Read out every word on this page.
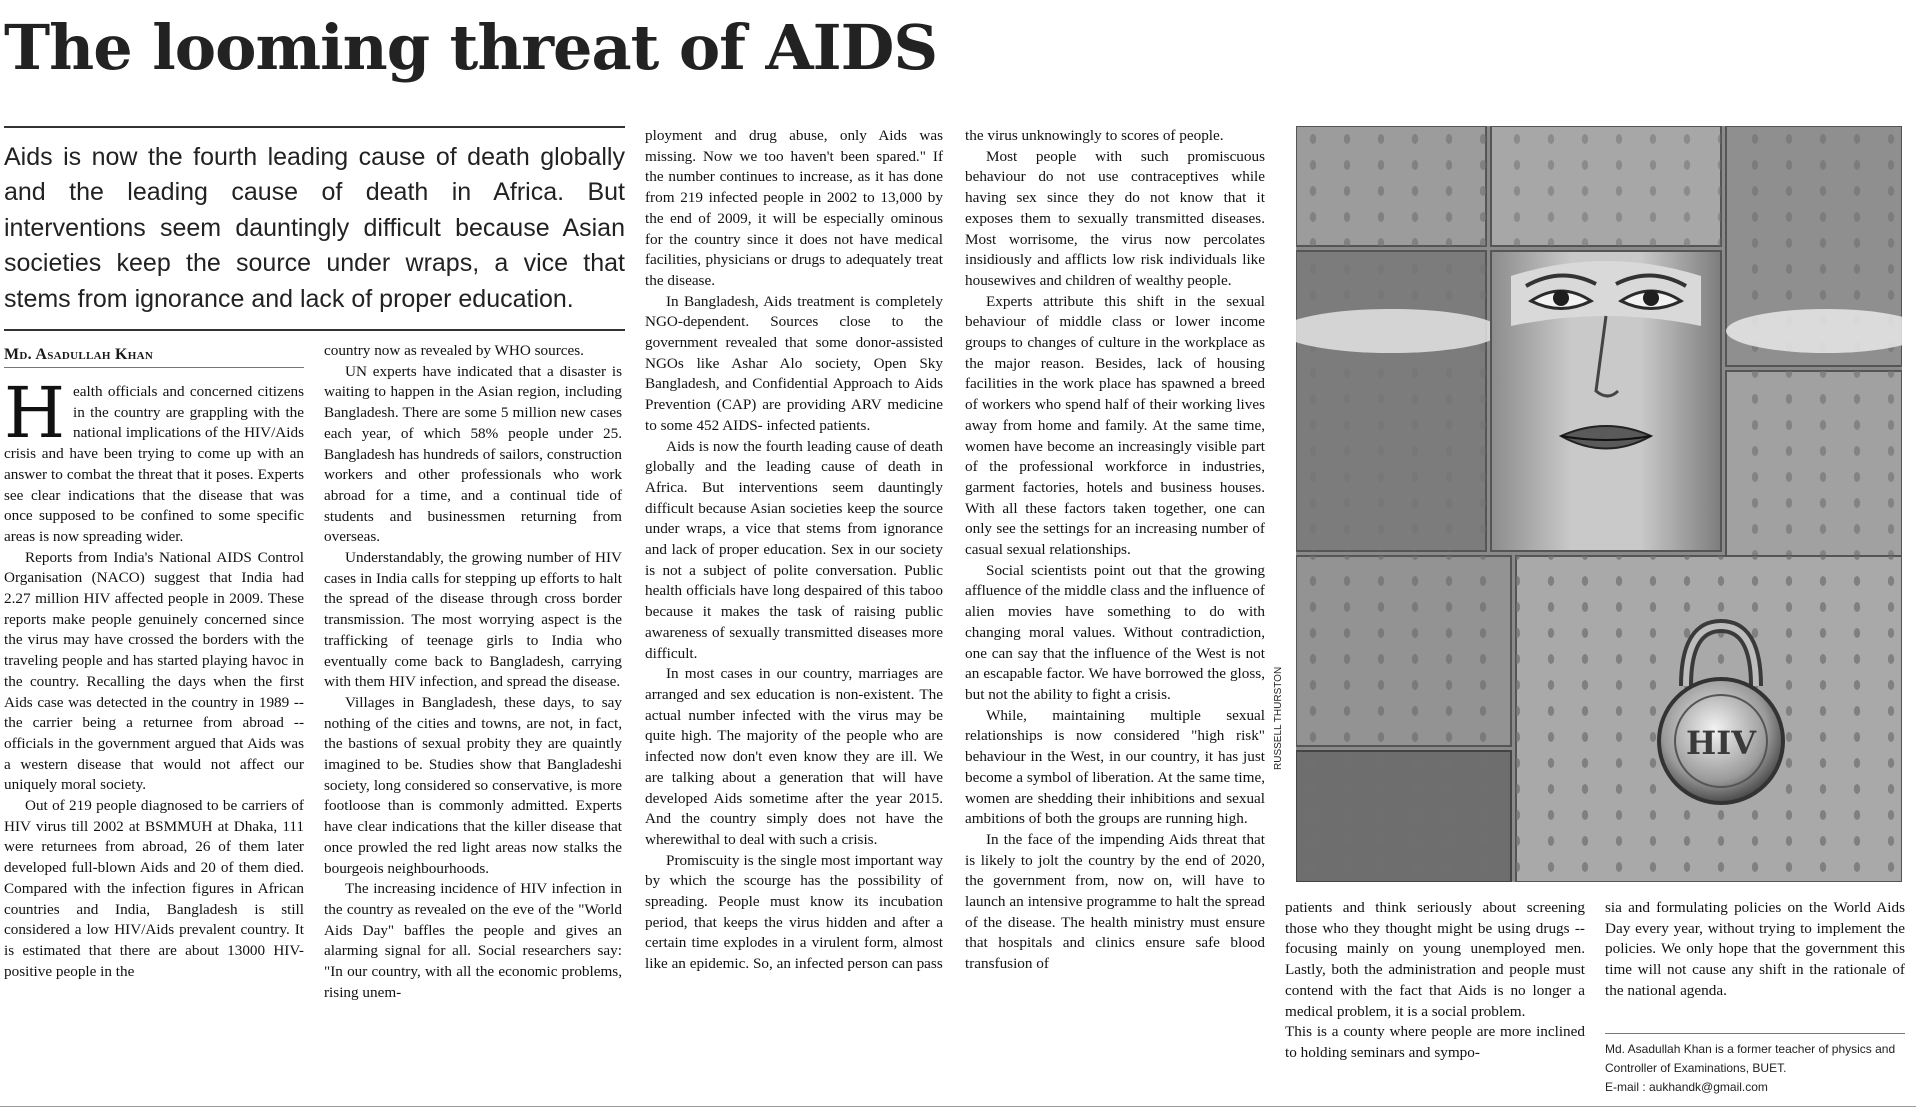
The looming threat of AIDS

Aids is now the fourth leading cause of death globally and the leading cause of death in Africa. But interventions seem dauntingly difficult because Asian societies keep the source under wraps, a vice that stems from ignorance and lack of proper education.

Md. Asadullah Khan

Health officials and concerned citizens in the country are grappling with the national implications of the HIV/Aids crisis and have been trying to come up with an answer to combat the threat that it poses. Experts see clear indications that the disease that was once supposed to be confined to some specific areas is now spreading wider.

Reports from India's National AIDS Control Organisation (NACO) suggest that India had 2.27 million HIV affected people in 2009. These reports make people genuinely concerned since the virus may have crossed the borders with the traveling people and has started playing havoc in the country. Recalling the days when the first Aids case was detected in the country in 1989 -- the carrier being a returnee from abroad -- officials in the government argued that Aids was a western disease that would not affect our uniquely moral society.

Out of 219 people diagnosed to be carriers of HIV virus till 2002 at BSMMUH at Dhaka, 111 were returnees from abroad, 26 of them later developed full-blown Aids and 20 of them died. Compared with the infection figures in African countries and India, Bangladesh is still considered a low HIV/Aids prevalent country. It is estimated that there are about 13000 HIV-positive people in the

country now as revealed by WHO sources.

UN experts have indicated that a disaster is waiting to happen in the Asian region, including Bangladesh. There are some 5 million new cases each year, of which 58% people under 25. Bangladesh has hundreds of sailors, construction workers and other professionals who work abroad for a time, and a continual tide of students and businessmen returning from overseas.

Understandably, the growing number of HIV cases in India calls for stepping up efforts to halt the spread of the disease through cross border transmission. The most worrying aspect is the trafficking of teenage girls to India who eventually come back to Bangladesh, carrying with them HIV infection, and spread the disease.

Villages in Bangladesh, these days, to say nothing of the cities and towns, are not, in fact, the bastions of sexual probity they are quaintly imagined to be. Studies show that Bangladeshi society, long considered so conservative, is more footloose than is commonly admitted. Experts have clear indications that the killer disease that once prowled the red light areas now stalks the bourgeois neighbourhoods.

The increasing incidence of HIV infection in the country as revealed on the eve of the "World Aids Day" baffles the people and gives an alarming signal for all. Social researchers say: "In our country, with all the economic problems, rising unem-

ployment and drug abuse, only Aids was missing. Now we too haven't been spared." If the number continues to increase, as it has done from 219 infected people in 2002 to 13,000 by the end of 2009, it will be especially ominous for the country since it does not have medical facilities, physicians or drugs to adequately treat the disease.

In Bangladesh, Aids treatment is completely NGO-dependent. Sources close to the government revealed that some donor-assisted NGOs like Ashar Alo society, Open Sky Bangladesh, and Confidential Approach to Aids Prevention (CAP) are providing ARV medicine to some 452 AIDS- infected patients.

Aids is now the fourth leading cause of death globally and the leading cause of death in Africa. But interventions seem dauntingly difficult because Asian societies keep the source under wraps, a vice that stems from ignorance and lack of proper education. Sex in our society is not a subject of polite conversation. Public health officials have long despaired of this taboo because it makes the task of raising public awareness of sexually transmitted diseases more difficult.

In most cases in our country, marriages are arranged and sex education is non-existent. The actual number infected with the virus may be quite high. The majority of the people who are infected now don't even know they are ill. We are talking about a generation that will have developed Aids sometime after the year 2015. And the country simply does not have the wherewithal to deal with such a crisis.

Promiscuity is the single most important way by which the scourge has the possibility of spreading. People must know its incubation period, that keeps the virus hidden and after a certain time explodes in a virulent form, almost like an epidemic. So, an infected person can pass

the virus unknowingly to scores of people.

Most people with such promiscuous behaviour do not use contraceptives while having sex since they do not know that it exposes them to sexually transmitted diseases. Most worrisome, the virus now percolates insidiously and afflicts low risk individuals like housewives and children of wealthy people.

Experts attribute this shift in the sexual behaviour of middle class or lower income groups to changes of culture in the workplace as the major reason. Besides, lack of housing facilities in the work place has spawned a breed of workers who spend half of their working lives away from home and family. At the same time, women have become an increasingly visible part of the professional workforce in industries, garment factories, hotels and business houses. With all these factors taken together, one can only see the settings for an increasing number of casual sexual relationships.

Social scientists point out that the growing affluence of the middle class and the influence of alien movies have something to do with changing moral values. Without contradiction, one can say that the influence of the West is not an escapable factor. We have borrowed the gloss, but not the ability to fight a crisis.

While, maintaining multiple sexual relationships is now considered "high risk" behaviour in the West, in our country, it has just become a symbol of liberation. At the same time, women are shedding their inhibitions and sexual ambitions of both the groups are running high.

In the face of the impending Aids threat that is likely to jolt the country by the end of 2020, the government from, now on, will have to launch an intensive programme to halt the spread of the disease. The health ministry must ensure that hospitals and clinics ensure safe blood transfusion of

HIV
RUSSELL THURSTON

patients and think seriously about screening those who they thought might be using drugs -- focusing mainly on young unemployed men. Lastly, both the administration and people must contend with the fact that Aids is no longer a medical problem, it is a social problem.

This is a county where people are more inclined to holding seminars and sympo-

sia and formulating policies on the World Aids Day every year, without trying to implement the policies. We only hope that the government this time will not cause any shift in the rationale of the national agenda.

Md. Asadullah Khan is a former teacher of physics and Controller of Examinations, BUET.

E-mail : aukhandk@gmail.com
